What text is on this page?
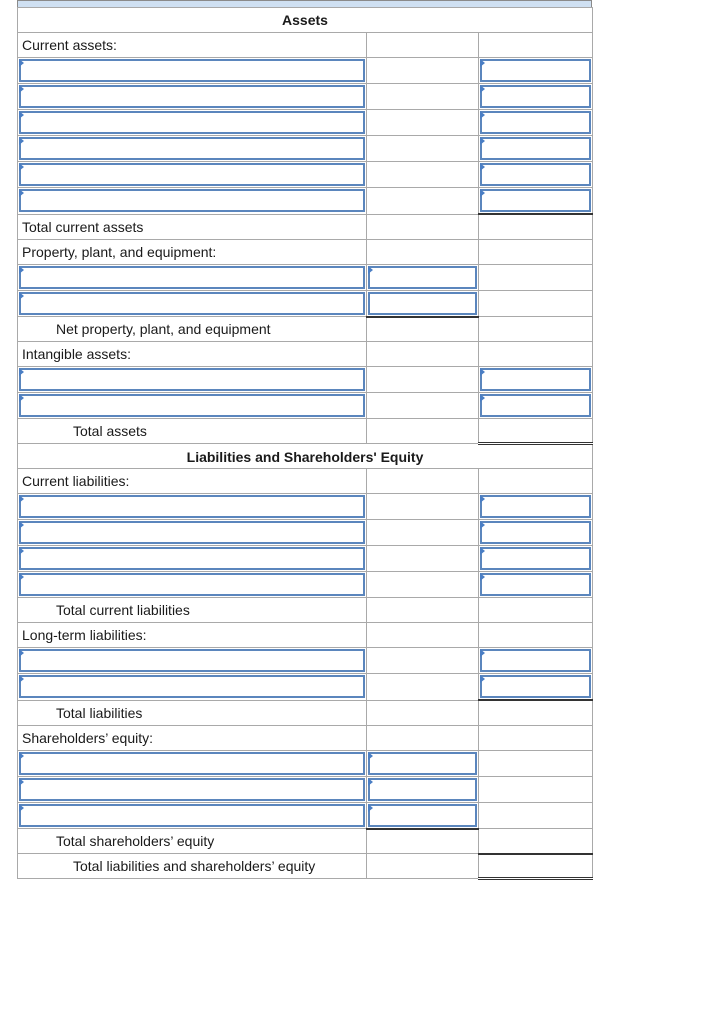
Assets		
Current assets:		

Total current assets		
Property, plant, and equipment:		

Net property, plant, and equipment		
Intangible assets:		

Total assets		
Liabilities and Shareholders' Equity		
Current liabilities:		

Total current liabilities		
Long-term liabilities:		

Total liabilities		
Shareholders’ equity:		

Total shareholders’ equity		
Total liabilities and shareholders’ equity		
